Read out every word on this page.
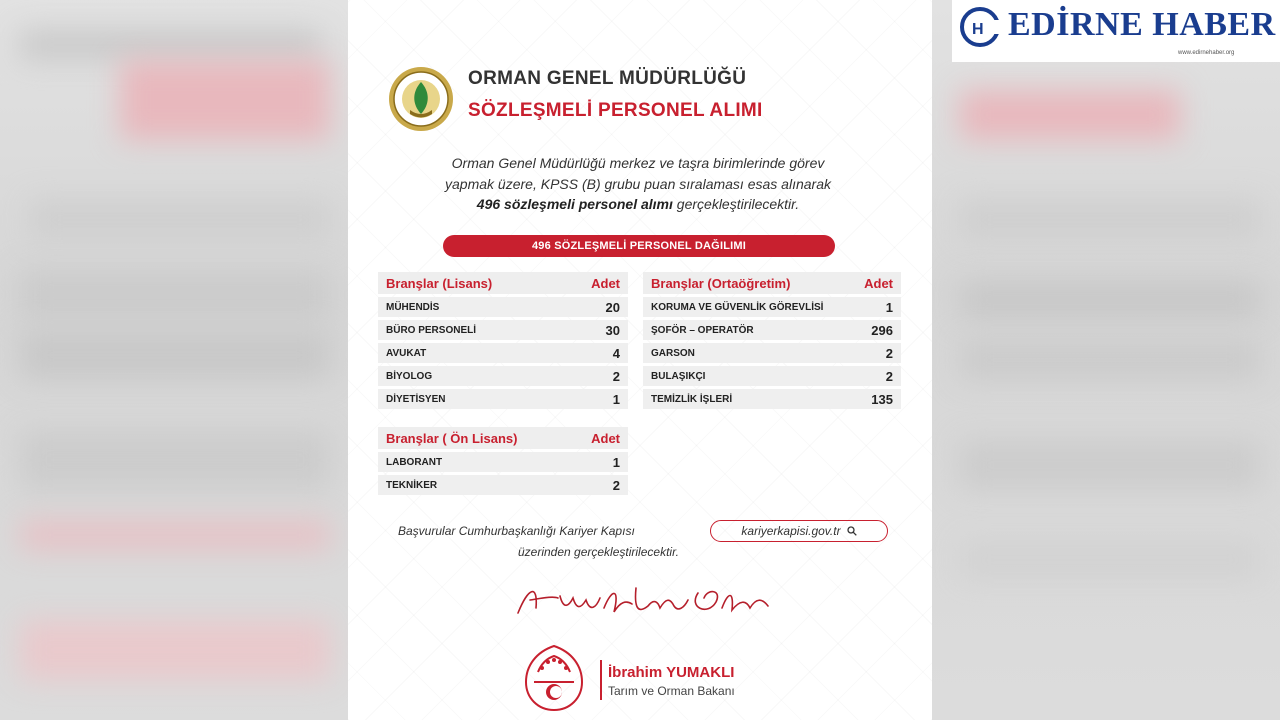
ORMAN GENEL MÜDÜRLÜĞÜ
SÖZLEŞMELİ PERSONEL ALIMI
Orman Genel Müdürlüğü merkez ve taşra birimlerinde görev
yapmak üzere, KPSS (B) grubu puan sıralaması esas alınarak
496 sözleşmeli personel alımı gerçekleştirilecektir.
496 SÖZLEŞMELİ PERSONEL DAĞILIMI
Branşlar (Lisans)	Adet
MÜHENDİS	20
BÜRO PERSONELİ	30
AVUKAT	4
BİYOLOG	2
DİYETİSYEN	1
Branşlar (Ortaöğretim)	Adet
KORUMA VE GÜVENLİK GÖREVLİSİ	1
ŞOFÖR – OPERATÖR	296
GARSON	2
BULAŞIKÇI	2
TEMİZLİK İŞLERİ	135
Branşlar ( Ön Lisans)	Adet
LABORANT	1
TEKNİKER	2
Başvurular Cumhurbaşkanlığı Kariyer Kapısı	kariyerkapisi.gov.tr
üzerinden gerçekleştirilecektir.
İbrahim YUMAKLI
Tarım ve Orman Bakanı
H EDİRNE HABER
www.edirnehaber.org
